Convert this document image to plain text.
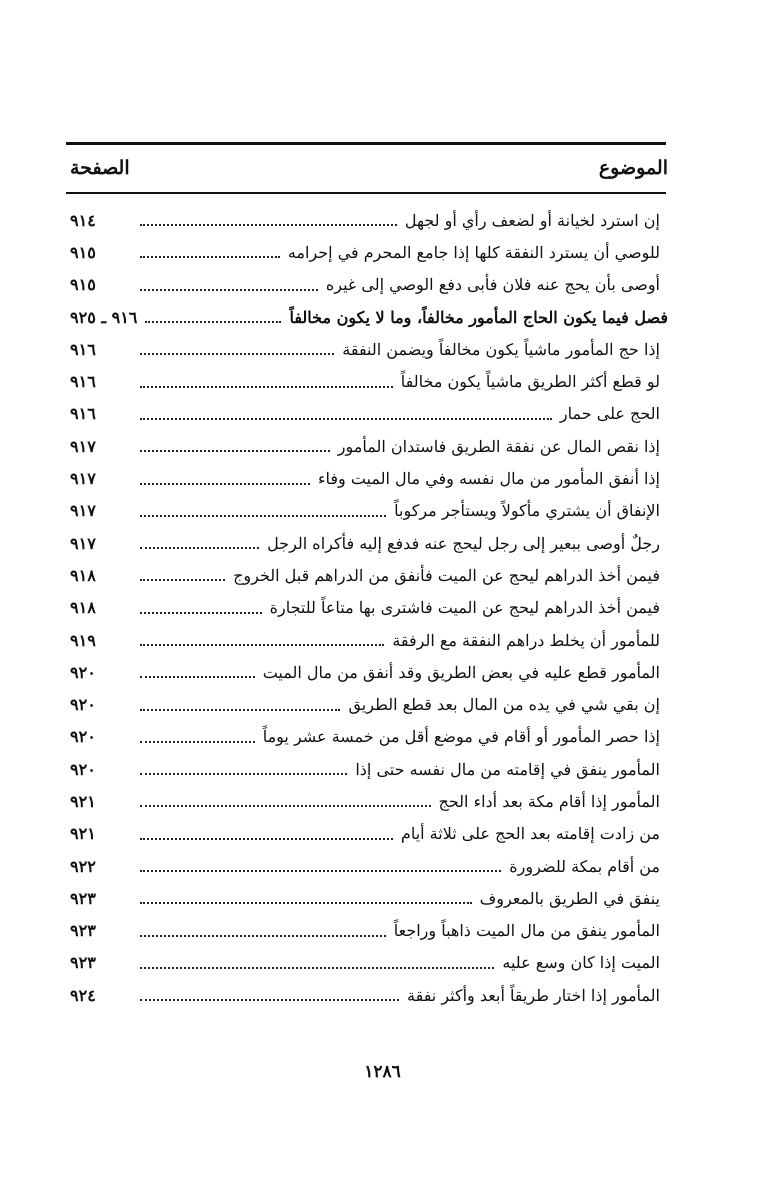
الموضوع
الصفحة
إن استرد لخيانة أو لضعف رأي أو لجهل
٩١٤
للوصي أن يسترد النفقة كلها إذا جامع المحرم في إحرامه
٩١٥
أوصى بأن يحج عنه فلان فأبى دفع الوصي إلى غيره
٩١٥
فصل فيما يكون الحاج المأمور مخالفاً، وما لا يكون مخالفاً
٩١٦ ـ ٩٢٥
إذا حج المأمور ماشياً يكون مخالفاً ويضمن النفقة
٩١٦
لو قطع أكثر الطريق ماشياً يكون مخالفاً
٩١٦
الحج على حمار
٩١٦
إذا نقص المال عن نفقة الطريق فاستدان المأمور
٩١٧
إذا أنفق المأمور من مال نفسه وفي مال الميت وفاء
٩١٧
الإنفاق أن يشتري مأكولاً ويستأجر مركوباً
٩١٧
رجلٌ أوصى ببعير إلى رجل ليحج عنه فدفع إليه فأكراه الرجل
٩١٧
فيمن أخذ الدراهم ليحج عن الميت فأنفق من الدراهم قبل الخروج
٩١٨
فيمن أخذ الدراهم ليحج عن الميت فاشترى بها متاعاً للتجارة
٩١٨
للمأمور أن يخلط دراهم النفقة مع الرفقة
٩١٩
المأمور قطع عليه في بعض الطريق وقد أنفق من مال الميت
٩٢٠
إن بقي شي في يده من المال بعد قطع الطريق
٩٢٠
إذا حصر المأمور أو أقام في موضع أقل من خمسة عشر يوماً
٩٢٠
المأمور ينفق في إقامته من مال نفسه حتى إذا
٩٢٠
المأمور إذا أقام مكة بعد أداء الحج
٩٢١
من زادت إقامته بعد الحج على ثلاثة أيام
٩٢١
من أقام بمكة للضرورة
٩٢٢
ينفق في الطريق بالمعروف
٩٢٣
المأمور ينفق من مال الميت ذاهباً وراجعاً
٩٢٣
الميت إذا كان وسع عليه
٩٢٣
المأمور إذا اختار طريقاً أبعد وأكثر نفقة
٩٢٤
١٢٨٦
